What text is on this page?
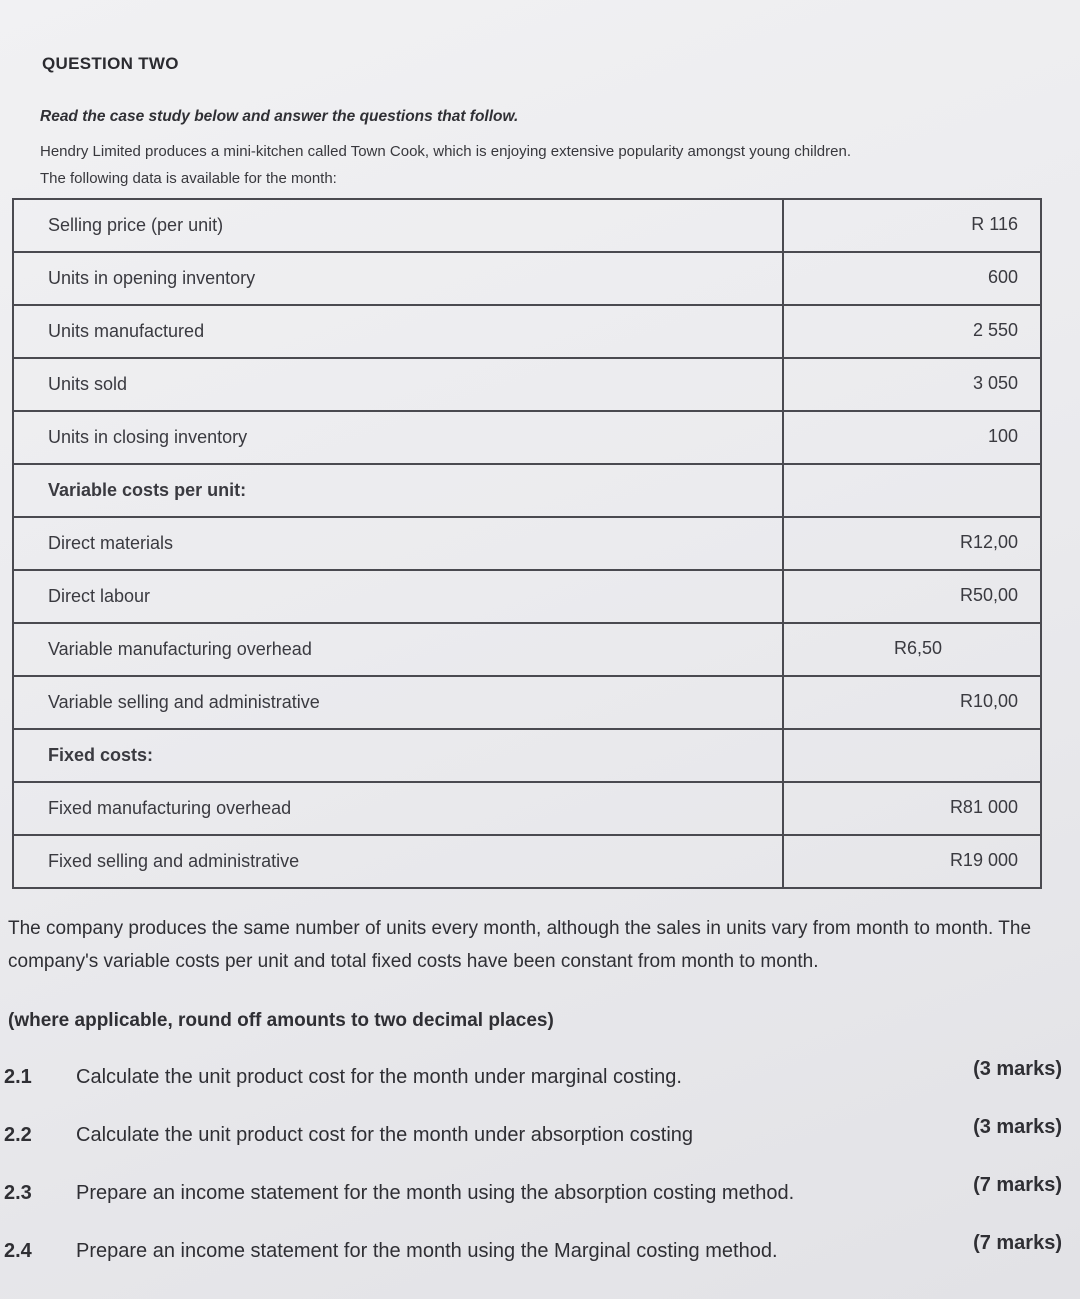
QUESTION TWO
Read the case study below and answer the questions that follow.
Hendry Limited produces a mini-kitchen called Town Cook, which is enjoying extensive popularity amongst young children.
The following data is available for the month:
Selling price (per unit)	R 116
Units in opening inventory	600
Units manufactured	2 550
Units sold	3 050
Units in closing inventory	100
Variable costs per unit:	
Direct materials	R12,00
Direct labour	R50,00
Variable manufacturing overhead	R6,50
Variable selling and administrative	R10,00
Fixed costs:	
Fixed manufacturing overhead	R81 000
Fixed selling and administrative	R19 000
The company produces the same number of units every month, although the sales in units vary from month to month. The company's variable costs per unit and total fixed costs have been constant from month to month.
(where applicable, round off amounts to two decimal places)
2.1 Calculate the unit product cost for the month under marginal costing.	(3 marks)
2.2 Calculate the unit product cost for the month under absorption costing	(3 marks)
2.3 Prepare an income statement for the month using the absorption costing method.	(7 marks)
2.4 Prepare an income statement for the month using the Marginal costing method.	(7 marks)
